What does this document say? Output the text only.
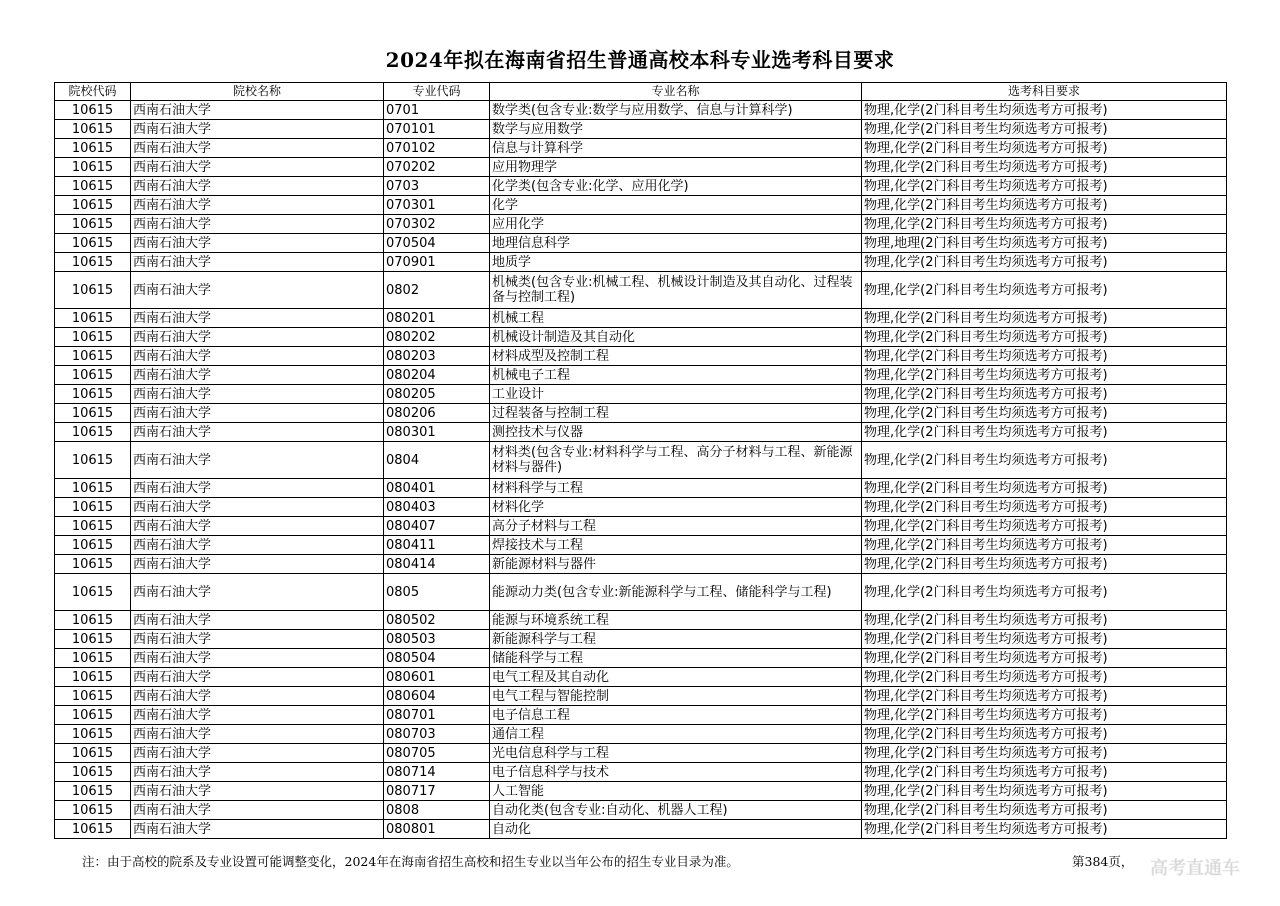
2024年拟在海南省招生普通高校本科专业选考科目要求
院校代码	院校名称	专业代码	专业名称	选考科目要求
10615	西南石油大学	0701	数学类(包含专业:数学与应用数学、信息与计算科学)	物理,化学(2门科目考生均须选考方可报考)
10615	西南石油大学	070101	数学与应用数学	物理,化学(2门科目考生均须选考方可报考)
10615	西南石油大学	070102	信息与计算科学	物理,化学(2门科目考生均须选考方可报考)
10615	西南石油大学	070202	应用物理学	物理,化学(2门科目考生均须选考方可报考)
10615	西南石油大学	0703	化学类(包含专业:化学、应用化学)	物理,化学(2门科目考生均须选考方可报考)
10615	西南石油大学	070301	化学	物理,化学(2门科目考生均须选考方可报考)
10615	西南石油大学	070302	应用化学	物理,化学(2门科目考生均须选考方可报考)
10615	西南石油大学	070504	地理信息科学	物理,地理(2门科目考生均须选考方可报考)
10615	西南石油大学	070901	地质学	物理,化学(2门科目考生均须选考方可报考)
10615	西南石油大学	0802	机械类(包含专业:机械工程、机械设计制造及其自动化、过程装备与控制工程)	物理,化学(2门科目考生均须选考方可报考)
10615	西南石油大学	080201	机械工程	物理,化学(2门科目考生均须选考方可报考)
10615	西南石油大学	080202	机械设计制造及其自动化	物理,化学(2门科目考生均须选考方可报考)
10615	西南石油大学	080203	材料成型及控制工程	物理,化学(2门科目考生均须选考方可报考)
10615	西南石油大学	080204	机械电子工程	物理,化学(2门科目考生均须选考方可报考)
10615	西南石油大学	080205	工业设计	物理,化学(2门科目考生均须选考方可报考)
10615	西南石油大学	080206	过程装备与控制工程	物理,化学(2门科目考生均须选考方可报考)
10615	西南石油大学	080301	测控技术与仪器	物理,化学(2门科目考生均须选考方可报考)
10615	西南石油大学	0804	材料类(包含专业:材料科学与工程、高分子材料与工程、新能源材料与器件)	物理,化学(2门科目考生均须选考方可报考)
10615	西南石油大学	080401	材料科学与工程	物理,化学(2门科目考生均须选考方可报考)
10615	西南石油大学	080403	材料化学	物理,化学(2门科目考生均须选考方可报考)
10615	西南石油大学	080407	高分子材料与工程	物理,化学(2门科目考生均须选考方可报考)
10615	西南石油大学	080411	焊接技术与工程	物理,化学(2门科目考生均须选考方可报考)
10615	西南石油大学	080414	新能源材料与器件	物理,化学(2门科目考生均须选考方可报考)
10615	西南石油大学	0805	能源动力类(包含专业:新能源科学与工程、储能科学与工程)	物理,化学(2门科目考生均须选考方可报考)
10615	西南石油大学	080502	能源与环境系统工程	物理,化学(2门科目考生均须选考方可报考)
10615	西南石油大学	080503	新能源科学与工程	物理,化学(2门科目考生均须选考方可报考)
10615	西南石油大学	080504	储能科学与工程	物理,化学(2门科目考生均须选考方可报考)
10615	西南石油大学	080601	电气工程及其自动化	物理,化学(2门科目考生均须选考方可报考)
10615	西南石油大学	080604	电气工程与智能控制	物理,化学(2门科目考生均须选考方可报考)
10615	西南石油大学	080701	电子信息工程	物理,化学(2门科目考生均须选考方可报考)
10615	西南石油大学	080703	通信工程	物理,化学(2门科目考生均须选考方可报考)
10615	西南石油大学	080705	光电信息科学与工程	物理,化学(2门科目考生均须选考方可报考)
10615	西南石油大学	080714	电子信息科学与技术	物理,化学(2门科目考生均须选考方可报考)
10615	西南石油大学	080717	人工智能	物理,化学(2门科目考生均须选考方可报考)
10615	西南石油大学	0808	自动化类(包含专业:自动化、机器人工程)	物理,化学(2门科目考生均须选考方可报考)
10615	西南石油大学	080801	自动化	物理,化学(2门科目考生均须选考方可报考)
注：由于高校的院系及专业设置可能调整变化，2024年在海南省招生高校和招生专业以当年公布的招生专业目录为准。	第384页， 高考直通车
